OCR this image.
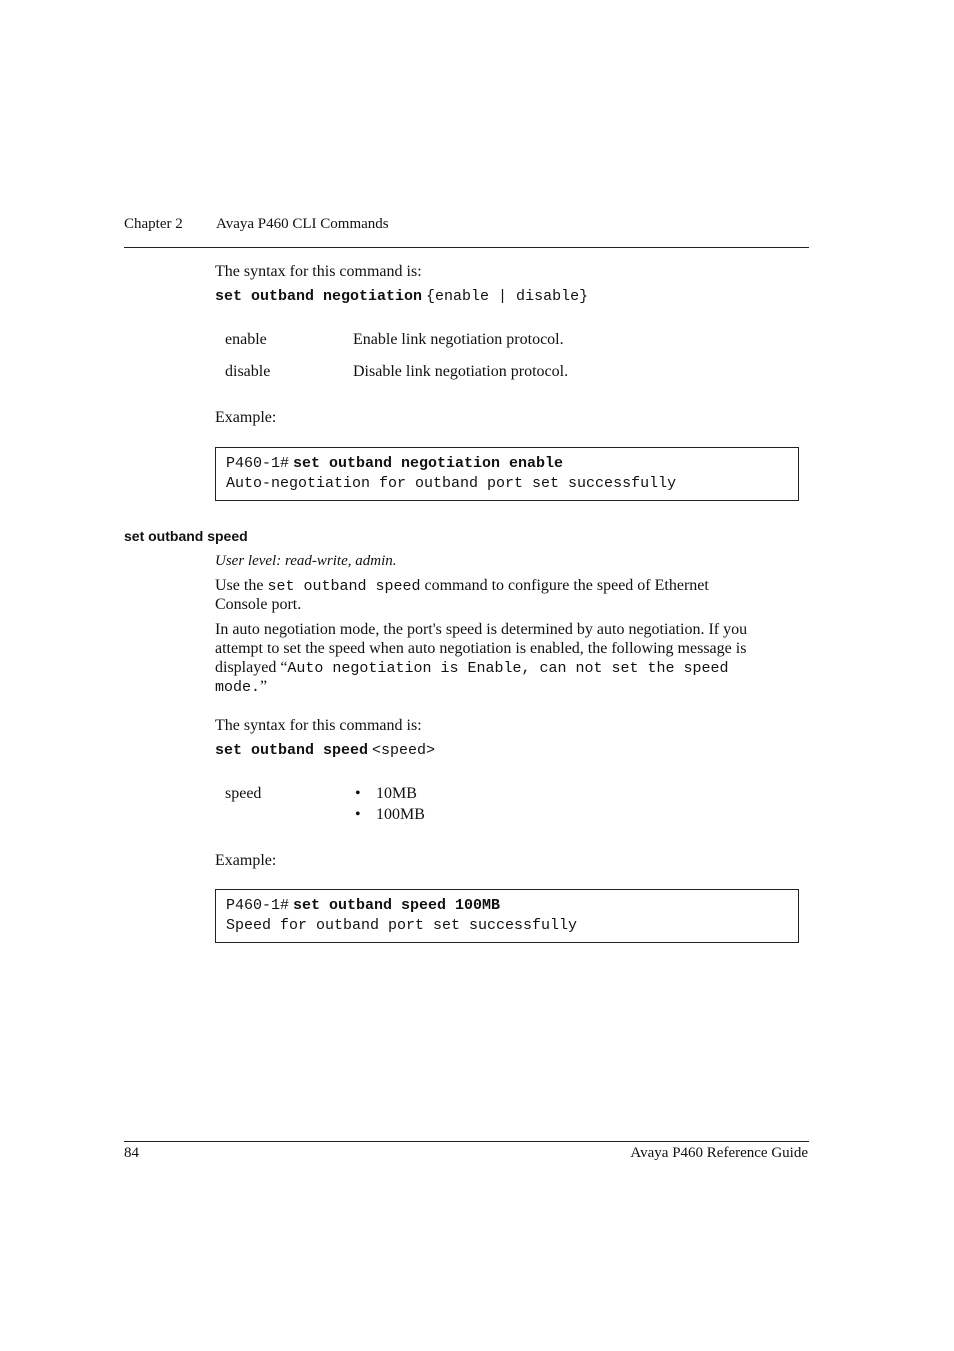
Chapter 2 Avaya P460 CLI Commands
The syntax for this command is:
set outband negotiation {enable | disable}
enable	Enable link negotiation protocol.
disable	Disable link negotiation protocol.
Example:
P460-1# set outband negotiation enable
Auto-negotiation for outband port set successfully
set outband speed
User level: read-write, admin.
Use the set outband speed command to configure the speed of Ethernet
Console port.
In auto negotiation mode, the port's speed is determined by auto negotiation. If you
attempt to set the speed when auto negotiation is enabled, the following message is
displayed “Auto negotiation is Enable, can not set the speed
mode.”
The syntax for this command is:
set outband speed <speed>
speed	• 10MB
• 100MB
Example:
P460-1# set outband speed 100MB
Speed for outband port set successfully
84	Avaya P460 Reference Guide
